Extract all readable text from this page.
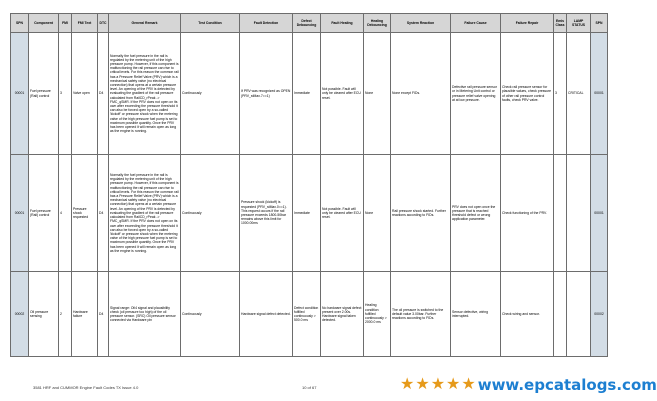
SPN	Component	FMI	FMI Text	DTC	General Remark	Test Condition	Fault Detection	Defect Debouncing	Fault Healing	Healing Debouncing	System Reaction	Failure Cause	Failure Repair	Emis Class	LAMP STATUS	SPN
00001	Fuel pressure (Rail) control	3	Valve open	D4	Normally the fuel pressure in the rail is regulated by the metering unit of the high pressure pump. However, if this component is malfunctioning the rail pressure can rise to critical levels. For this reason the common rail has a Pressure Relief Valve (PRV) which is a mechanical safety valve (no electrical connection) that opens at a certain pressure level. An opening of the PRV is detected by evaluating the gradient of the rail pressure calculated from RailCD_rPeak -> FMC_qSMR. If the PRV does not open on its own after exceeding the pressure threshold it can also be forced open by a so-called 'kickoff' or pressure shock when the metering valve of the high pressure fuel pump is set to maximum possible quantity. Once the PRV has been opened it will remain open as long as the engine is running.	Continuously	If PRV was recognized as OPEN (PRV_stMax.7==1)	Immediate	Not possible. Fault will only be cleared after ECU reset.	None	None except FIDs.	Defective rail pressure sensor or in Metering Unit control or pressure relief valve opening at at low pressure.	Check rail pressure sensor for plausible values, check pressure of other rail pressure control faults, check PRV valve.	3	CRITICAL	00001
00001	Fuel pressure (Rail) control	4	Pressure shock requested	D4	Normally the fuel pressure in the rail is regulated by the metering unit of the high pressure pump. However, if this component is malfunctioning the rail pressure can rise to critical levels. For this reason the common rail has a Pressure Relief Valve (PRV) which is a mechanical safety valve (no electrical connection) that opens at a certain pressure level. An opening of the PRV is detected by evaluating the gradient of the rail pressure calculated from RailCD_rPeak -> FMC_qSMR. If the PRV does not open on its own after exceeding the pressure threshold it can also be forced open by a so-called 'kickoff' or pressure shock when the metering valve of the high pressure fuel pump is set to maximum possible quantity. Once the PRV has been opened it will remain open as long as the engine is running.	Continuously	Pressure shock (kickoff) is requested (PRV_stMax.0==1). This request occurs if the rail pressure exceeds 1800-50bar remains above this limit for 1000.00ms	Immediate	Not possible. Fault will only be cleared after ECU reset.	None	Rail pressure shock started. Further reactions according to FIDs.	PRV does not open once the pressure that is reached threshold defect or wrong application parameter.	Check functioning of the PRV.			00001
00002	Oil pressure sensing	2	Hardware failure	D4	Signal range: Oil4 signal and plausibility check (oil pressure too high) of the oil pressure sensor. (SRC) Oil pressure sensor connected via Hardware pin	Continuously	Hardware signal defect detected.	Defect condition fulfilled continuously > 500.0 ms	No hardware signal defect present over 2.00s. Hardware signal taken detected.	Healing condition fulfilled continuously > 2000.0 ms	The oil pressure is switched to the default value 3.00bar. Further reactions according to FIDs.	Sensor defective, wiring interrupted.	Check wiring and sensor.			00002
3581 HRF and CUMMOR Engine Fault Codes TX Issue 4.0	10 of 67	★ ★ ★ ★ ★ www.epcatalogs.com
